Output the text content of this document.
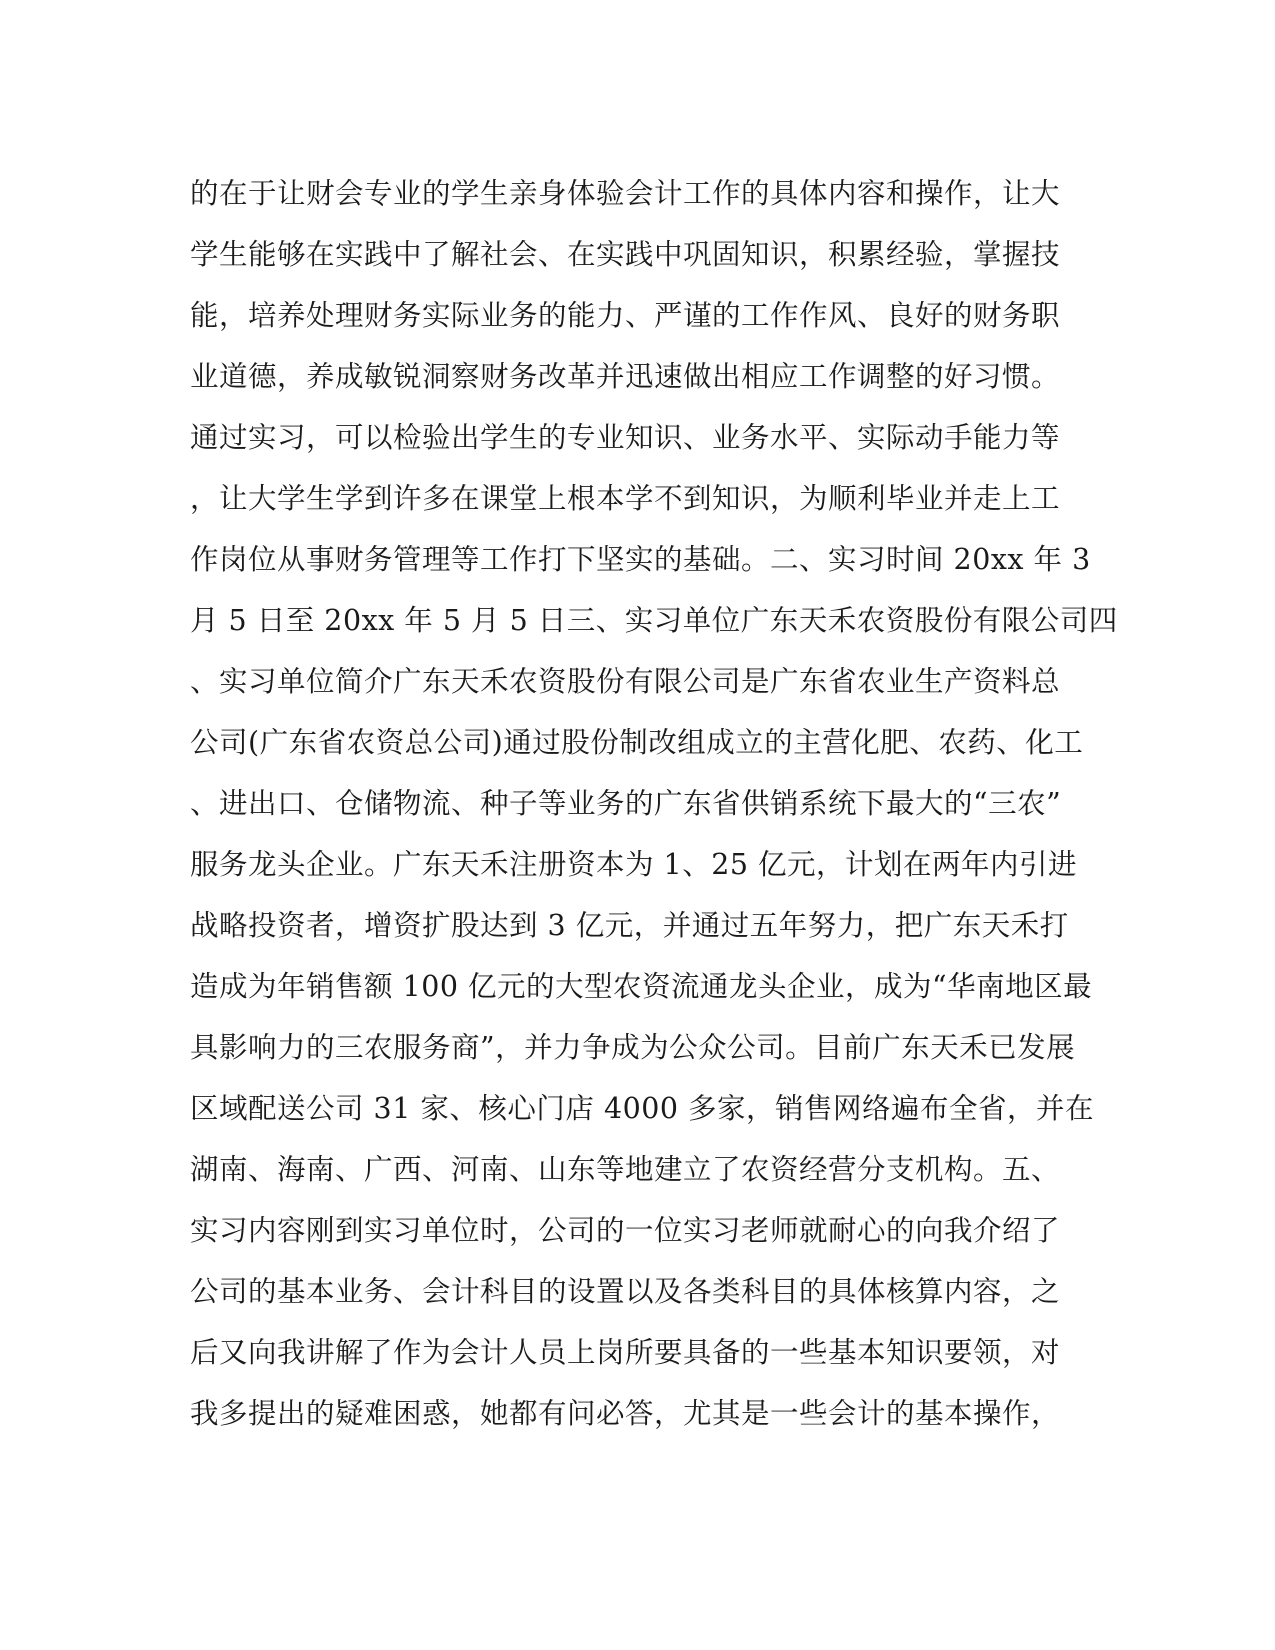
的在于让财会专业的学生亲身体验会计工作的具体内容和操作，让大
学生能够在实践中了解社会、在实践中巩固知识，积累经验，掌握技
能，培养处理财务实际业务的能力、严谨的工作作风、良好的财务职
业道德，养成敏锐洞察财务改革并迅速做出相应工作调整的好习惯。
通过实习，可以检验出学生的专业知识、业务水平、实际动手能力等
，让大学生学到许多在课堂上根本学不到知识，为顺利毕业并走上工
作岗位从事财务管理等工作打下坚实的基础。二、实习时间 20xx 年 3
月 5 日至 20xx 年 5 月 5 日三、实习单位广东天禾农资股份有限公司四
、实习单位简介广东天禾农资股份有限公司是广东省农业生产资料总
公司(广东省农资总公司)通过股份制改组成立的主营化肥、农药、化工
、进出口、仓储物流、种子等业务的广东省供销系统下最大的“三农”
服务龙头企业。广东天禾注册资本为 1、25 亿元，计划在两年内引进
战略投资者，增资扩股达到 3 亿元，并通过五年努力，把广东天禾打
造成为年销售额 100 亿元的大型农资流通龙头企业，成为“华南地区最
具影响力的三农服务商”，并力争成为公众公司。目前广东天禾已发展
区域配送公司 31 家、核心门店 4000 多家，销售网络遍布全省，并在
湖南、海南、广西、河南、山东等地建立了农资经营分支机构。五、
实习内容刚到实习单位时，公司的一位实习老师就耐心的向我介绍了
公司的基本业务、会计科目的设置以及各类科目的具体核算内容，之
后又向我讲解了作为会计人员上岗所要具备的一些基本知识要领，对
我多提出的疑难困惑，她都有问必答，尤其是一些会计的基本操作，
